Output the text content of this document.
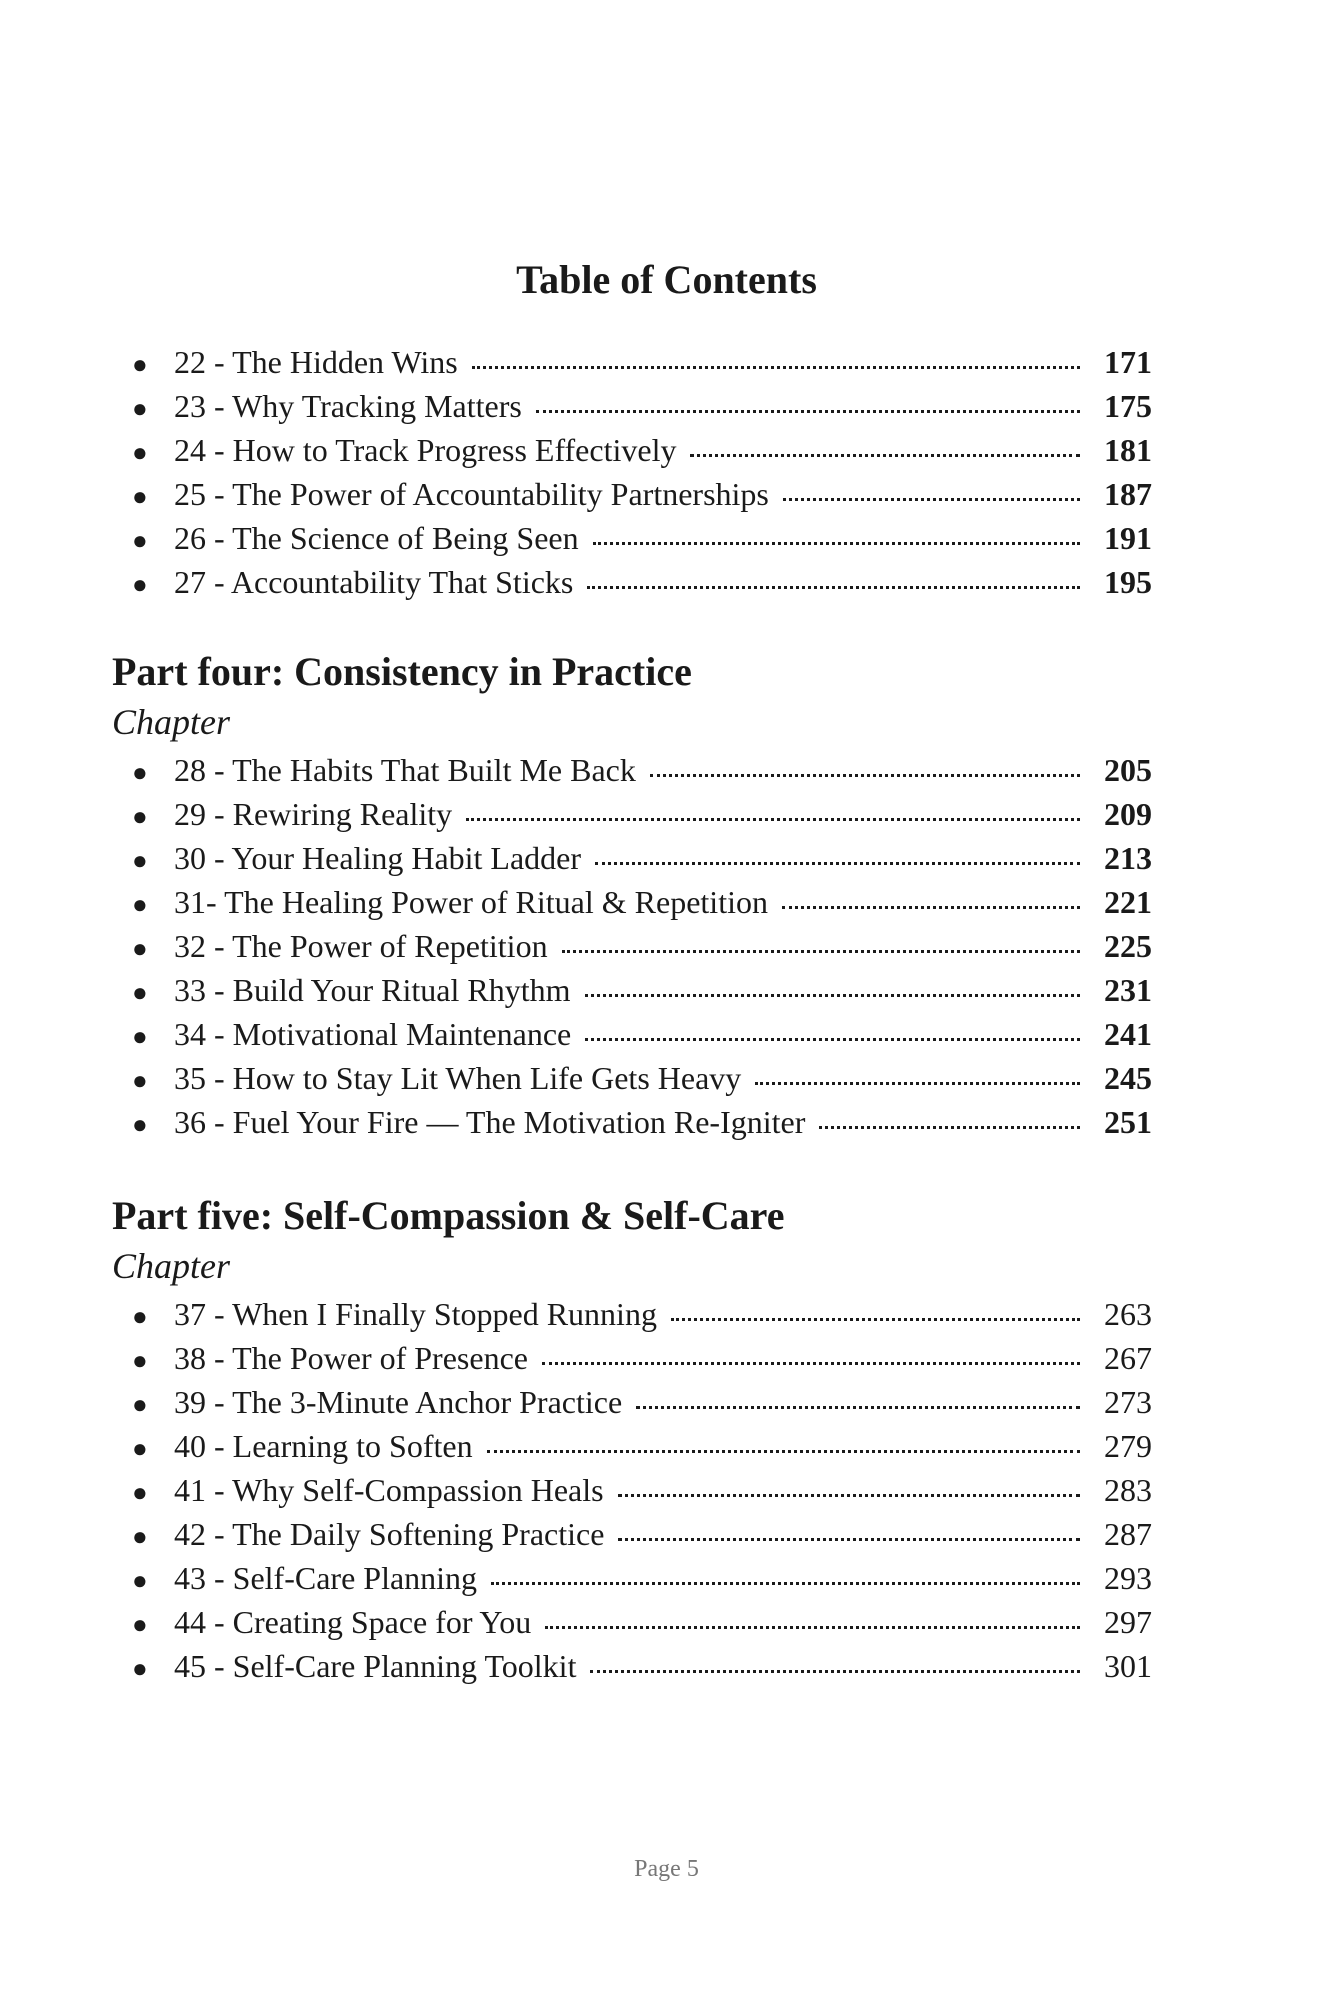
Table of Contents
● 22 - The Hidden Wins	171
● 23 - Why Tracking Matters	175
● 24 - How to Track Progress Effectively	181
● 25 - The Power of Accountability Partnerships	187
● 26 - The Science of Being Seen	191
● 27 - Accountability That Sticks	195
Part four: Consistency in Practice

Chapter

● 28 - The Habits That Built Me Back	205
● 29 - Rewiring Reality	209
● 30 - Your Healing Habit Ladder	213
● 31- The Healing Power of Ritual & Repetition	221
● 32 - The Power of Repetition	225
● 33 - Build Your Ritual Rhythm	231
● 34 - Motivational Maintenance	241
● 35 - How to Stay Lit When Life Gets Heavy	245
● 36 - Fuel Your Fire — The Motivation Re-Igniter	251
Part five: Self-Compassion & Self-Care

Chapter

● 37 - When I Finally Stopped Running	263
● 38 - The Power of Presence	267
● 39 - The 3-Minute Anchor Practice	273
● 40 - Learning to Soften	279
● 41 - Why Self-Compassion Heals	283
● 42 - The Daily Softening Practice	287
● 43 - Self-Care Planning	293
● 44 - Creating Space for You	297
● 45 - Self-Care Planning Toolkit	301
Page 5
